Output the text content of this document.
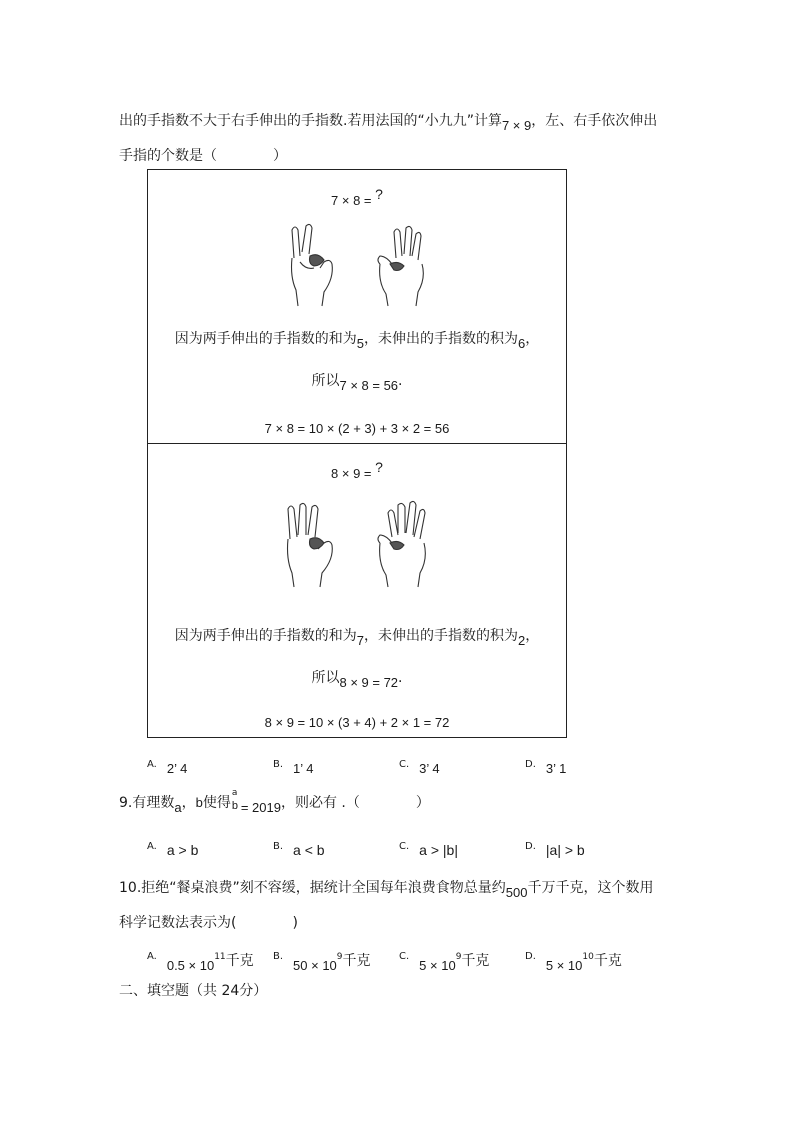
出的手指数不大于右手伸出的手指数.若用法国的“小九九”计算7 × 9，左、右手依次伸出
手指的个数是（　　　　）
7 × 8 = ?
因为两手伸出的手指数的和为5，未伸出的手指数的积为6，
所以7 × 8 = 56.
7 × 8 = 10 × (2 + 3) + 3 × 2 = 56
8 × 9 = ?
因为两手伸出的手指数的和为7，未伸出的手指数的积为2，
所以8 × 9 = 72.
8 × 9 = 10 × (3 + 4) + 2 × 1 = 72
$^{A.}$ 2’ 4	$^{B.}$ 1’ 4	$^{C.}$ 3’ 4	$^{D.}$ 3’ 1
9.有理数a，b使得
a
b = 2019，则必有 .（　　　　）
$^{A.}$ a > b	$^{B.}$ a < b	$^{C.}$ a > |b|	$^{D.}$ |a| > b
10.拒绝“餐桌浪费”刻不容缓，据统计全国每年浪费食物总量约500千万千克，这个数用
科学记数法表示为(　　　　)
$^{A.}_{0.5 \times 10}^{11}$千克 $^{B.}_{50 \times 10}^9$千克	$^{C.}_{5 \times 10}^9$千克	$^{D.}_{5 \times 10}^{10}$千克
二、填空题（共 24分）
